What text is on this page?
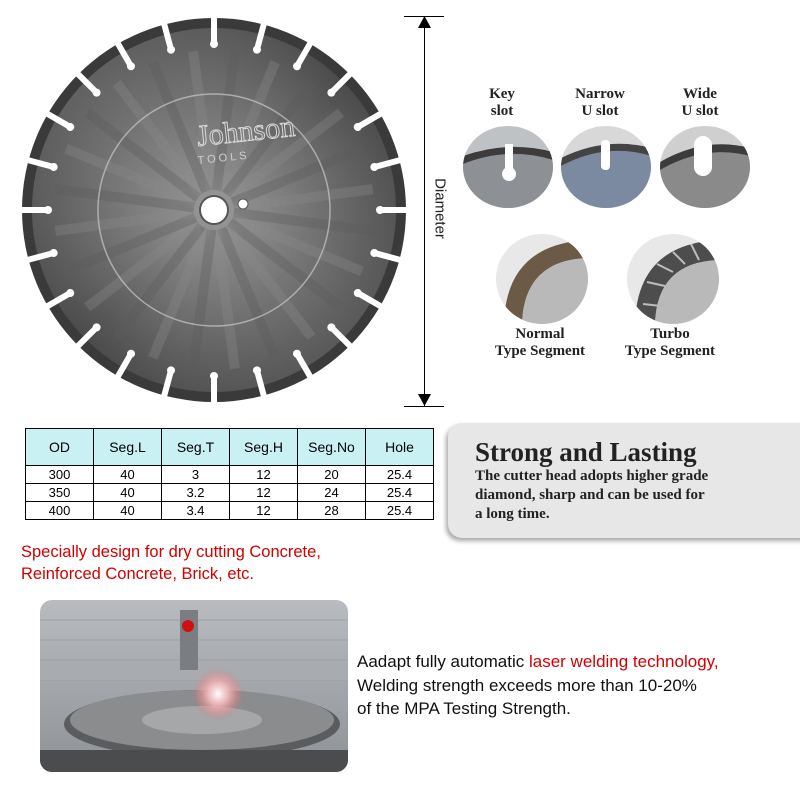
Johnson
TOOLS
Diameter
Key
slot
Narrow
U slot
Wide
U slot
Normal
Type Segment
Turbo
Type Segment
OD	Seg.L	Seg.T	Seg.H	Seg.No	Hole
300	40	3	12	20	25.4
350	40	3.2	12	24	25.4
400	40	3.4	12	28	25.4
Specially design for dry cutting Concrete,
Reinforced Concrete, Brick, etc.
Strong and Lasting
The cutter head adopts higher grade
diamond, sharp and can be used for
a long time.
Aadapt fully automatic laser welding technology,
Welding strength exceeds more than 10-20%
of the MPA Testing Strength.
